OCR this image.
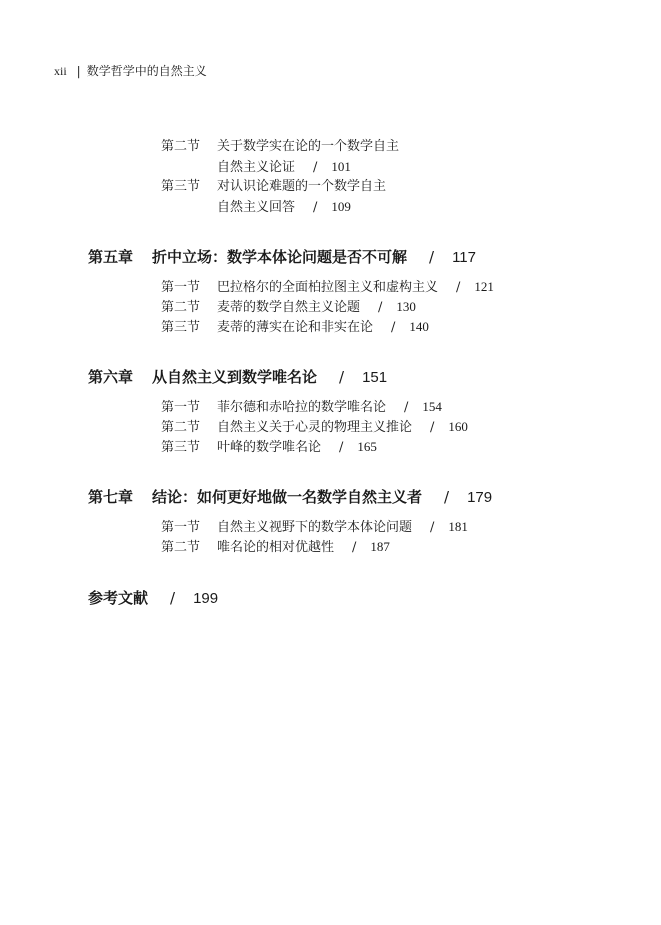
xii | 数学哲学中的自然主义
第二节 关于数学实在论的一个数学自主
自然主义论证 / 101
第三节 对认识论难题的一个数学自主
自然主义回答 / 109
第五章 折中立场：数学本体论问题是否不可解 / 117
第一节 巴拉格尔的全面柏拉图主义和虚构主义 / 121
第二节 麦蒂的数学自然主义论题 / 130
第三节 麦蒂的薄实在论和非实在论 / 140
第六章 从自然主义到数学唯名论 / 151
第一节 菲尔德和赤哈拉的数学唯名论 / 154
第二节 自然主义关于心灵的物理主义推论 / 160
第三节 叶峰的数学唯名论 / 165
第七章 结论：如何更好地做一名数学自然主义者 / 179
第一节 自然主义视野下的数学本体论问题 / 181
第二节 唯名论的相对优越性 / 187
参考文献 / 199
